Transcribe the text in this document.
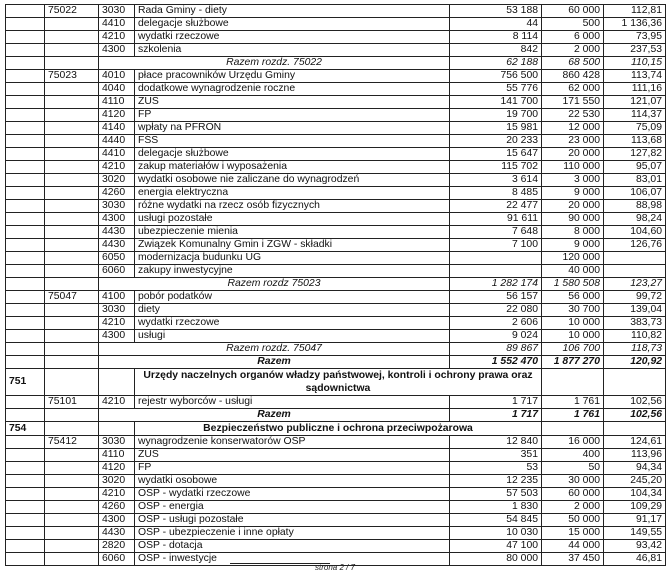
	75022	3030	Rada Gminy - diety	53 188	60 000	112,81
		4410	delegacje służbowe	44	500	1 136,36
		4210	wydatki rzeczowe	8 114	6 000	73,95
		4300	szkolenia	842	2 000	237,53
		Razem rozdz. 75022		62 188	68 500	110,15
	75023	4010	płace pracowników Urzędu Gminy	756 500	860 428	113,74
		4040	dodatkowe wynagrodzenie roczne	55 776	62 000	111,16
		4110	ZUS	141 700	171 550	121,07
		4120	FP	19 700	22 530	114,37
		4140	wpłaty na PFRON	15 981	12 000	75,09
		4440	FŚS	20 233	23 000	113,68
		4410	delegacje służbowe	15 647	20 000	127,82
		4210	zakup materiałów i wyposażenia	115 702	110 000	95,07
		3020	wydatki osobowe nie zaliczane do wynagrodzeń	3 614	3 000	83,01
		4260	energia elektryczna	8 485	9 000	106,07
		3030	różne wydatki na rzecz osób fizycznych	22 477	20 000	88,98
		4300	usługi pozostałe	91 611	90 000	98,24
		4430	ubezpieczenie mienia	7 648	8 000	104,60
		4430	Związek Komunalny Gmin i ZGW - składki	7 100	9 000	126,76
		6050	modernizacja budunku UG		120 000	
		6060	zakupy inwestycyjne		40 000	
		Razem rozdz 75023		1 282 174	1 580 508	123,27
	75047	4100	pobór podatków	56 157	56 000	99,72
		3030	diety	22 080	30 700	139,04
		4210	wydatki rzeczowe	2 606	10 000	383,73
		4300	usługi	9 024	10 000	110,82
		Razem rozdz. 75047		89 867	106 700	118,73
		Razem		1 552 470	1 877 270	120,92
751			Urzędy naczelnych organów władzy państwowej, kontroli i ochrony prawa oraz sądownictwa			
	75101	4210	rejestr wyborców - usługi	1 717	1 761	102,56
		Razem		1 717	1 761	102,56
754			Bezpieczeństwo publiczne i ochrona przeciwpożarowa			
	75412	3030	wynagrodzenie konserwatorów OSP	12 840	16 000	124,61
		4110	ZUS	351	400	113,96
		4120	FP	53	50	94,34
		3020	wydatki osobowe	12 235	30 000	245,20
		4210	OSP - wydatki rzeczowe	57 503	60 000	104,34
		4260	OSP - energia	1 830	2 000	109,29
		4300	OSP - usługi pozostałe	54 845	50 000	91,17
		4430	OSP - ubezpieczenie i inne opłaty	10 030	15 000	149,55
		2820	OSP - dotacja	47 100	44 000	93,42
		6060	OSP - inwestycje	80 000	37 450	46,81
strona 2 / 7
